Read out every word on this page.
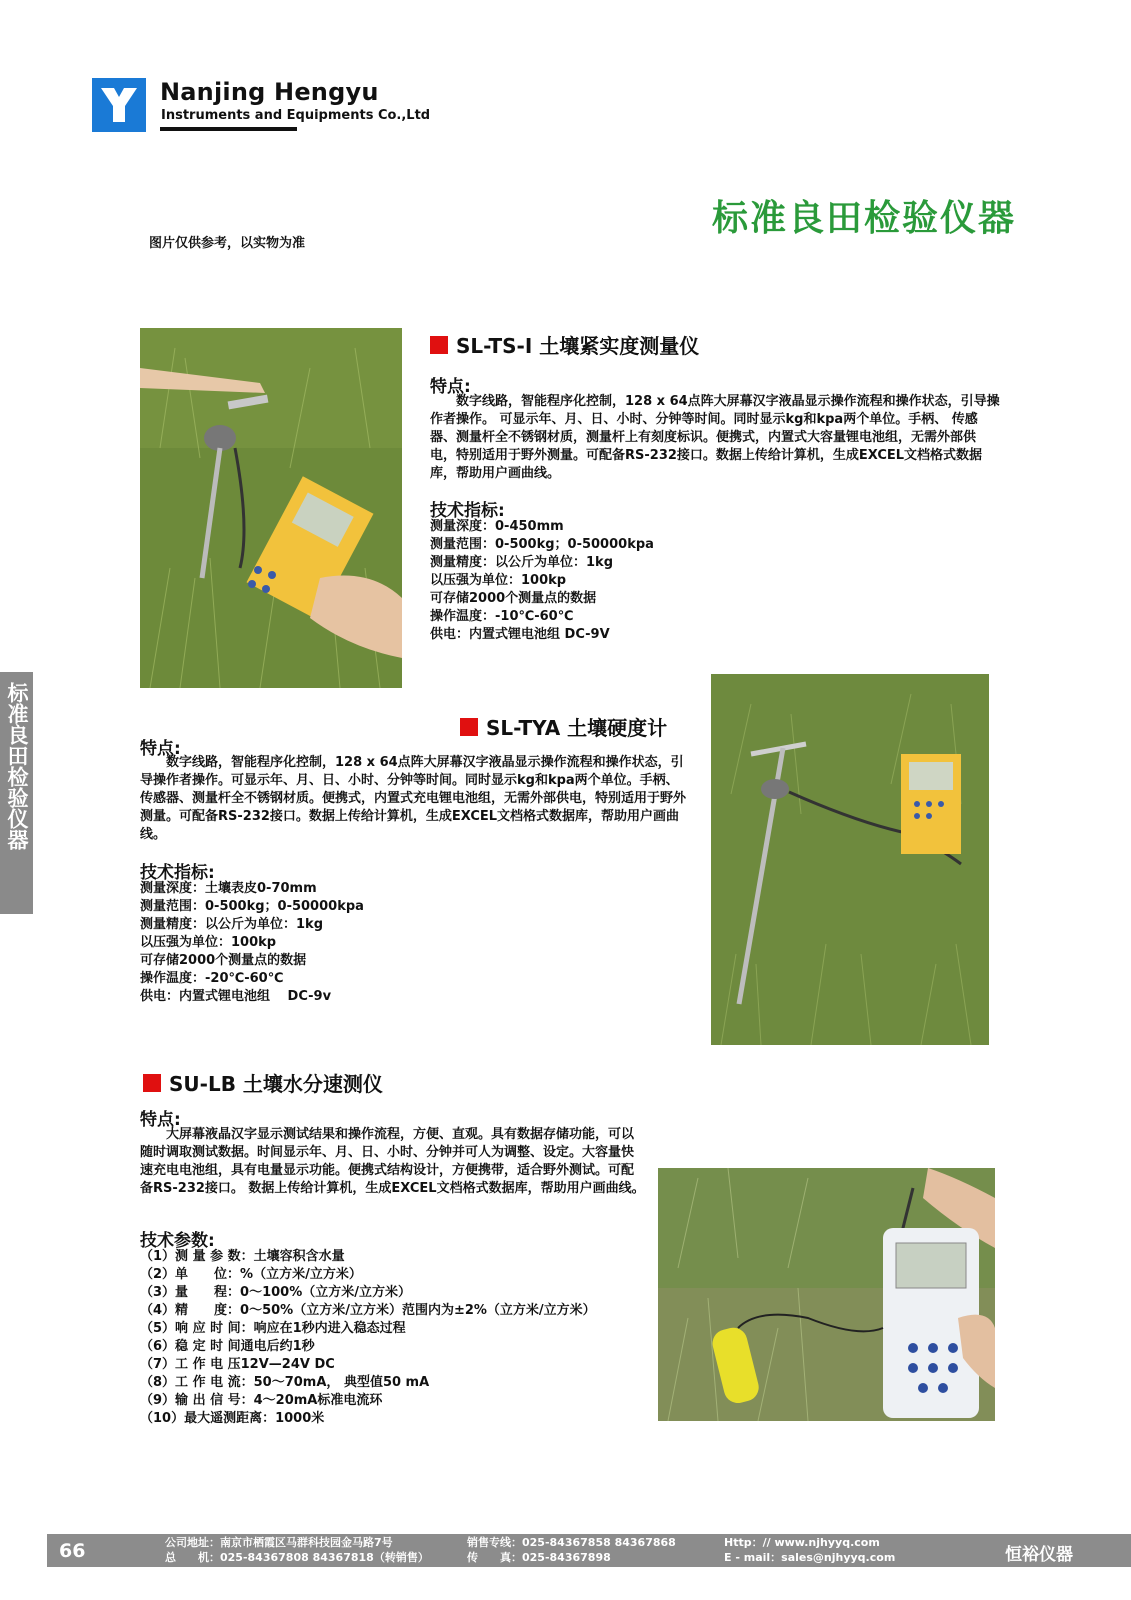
Nanjing Hengyu
Instruments and Equipments Co.,Ltd
标准良田检验仪器
图片仅供参考，以实物为准
标准良田检验仪器
SL-TS-I 土壤紧实度测量仪
特点:
数字线路，智能程序化控制，128 x 64点阵大屏幕汉字液晶显示操作流程和操作状态，引导操作者操作。 可显示年、月、日、小时、分钟等时间。同时显示kg和kpa两个单位。手柄、 传感器、测量杆全不锈钢材质，测量杆上有刻度标识。便携式，内置式大容量锂电池组，无需外部供电，特别适用于野外测量。可配备RS-232接口。数据上传给计算机，生成EXCEL文档格式数据库，帮助用户画曲线。
技术指标:
测量深度：0-450mm
测量范围：0-500kg；0-50000kpa
测量精度：以公斤为单位：1kg
以压强为单位：100kp
可存储2000个测量点的数据
操作温度：-10℃-60℃
供电：内置式锂电池组 DC-9V
SL-TYA 土壤硬度计
特点:
数字线路，智能程序化控制，128 x 64点阵大屏幕汉字液晶显示操作流程和操作状态，引导操作者操作。可显示年、月、日、小时、分钟等时间。同时显示kg和kpa两个单位。手柄、传感器、测量杆全不锈钢材质。便携式，内置式充电锂电池组，无需外部供电，特别适用于野外测量。可配备RS-232接口。数据上传给计算机，生成EXCEL文档格式数据库，帮助用户画曲线。
技术指标:
测量深度：土壤表皮0-70mm
测量范围：0-500kg；0-50000kpa
测量精度：以公斤为单位：1kg
以压强为单位：100kp
可存储2000个测量点的数据
操作温度：-20℃-60℃
供电：内置式锂电池组　 DC-9v
SU-LB 土壤水分速测仪
特点:
大屏幕液晶汉字显示测试结果和操作流程，方便、直观。具有数据存储功能，可以随时调取测试数据。时间显示年、月、日、小时、分钟并可人为调整、设定。大容量快速充电电池组，具有电量显示功能。便携式结构设计，方便携带，适合野外测试。可配备RS-232接口。 数据上传给计算机，生成EXCEL文档格式数据库，帮助用户画曲线。
技术参数:
（1）测 量 参 数：土壤容积含水量
（2）单　　位：%（立方米/立方米）
（3）量　　程：0～100%（立方米/立方米）
（4）精　　度：0～50%（立方米/立方米）范围内为±2%（立方米/立方米）
（5）响 应 时 间：响应在1秒内进入稳态过程
（6）稳 定 时 间通电后约1秒
（7）工 作 电 压12V—24V DC
（8）工 作 电 流：50～70mA， 典型值50 mA
（9）输 出 信 号：4～20mA标准电流环
（10）最大遥测距离：1000米
66	公司地址：南京市栖霞区马群科技园金马路7号
总　　机：025-84367808 84367818（转销售）
销售专线：025-84367858 84367868
传　　真：025-84367898
Http：// www.njhyyq.com
E - mail：sales@njhyyq.com	恒裕仪器
